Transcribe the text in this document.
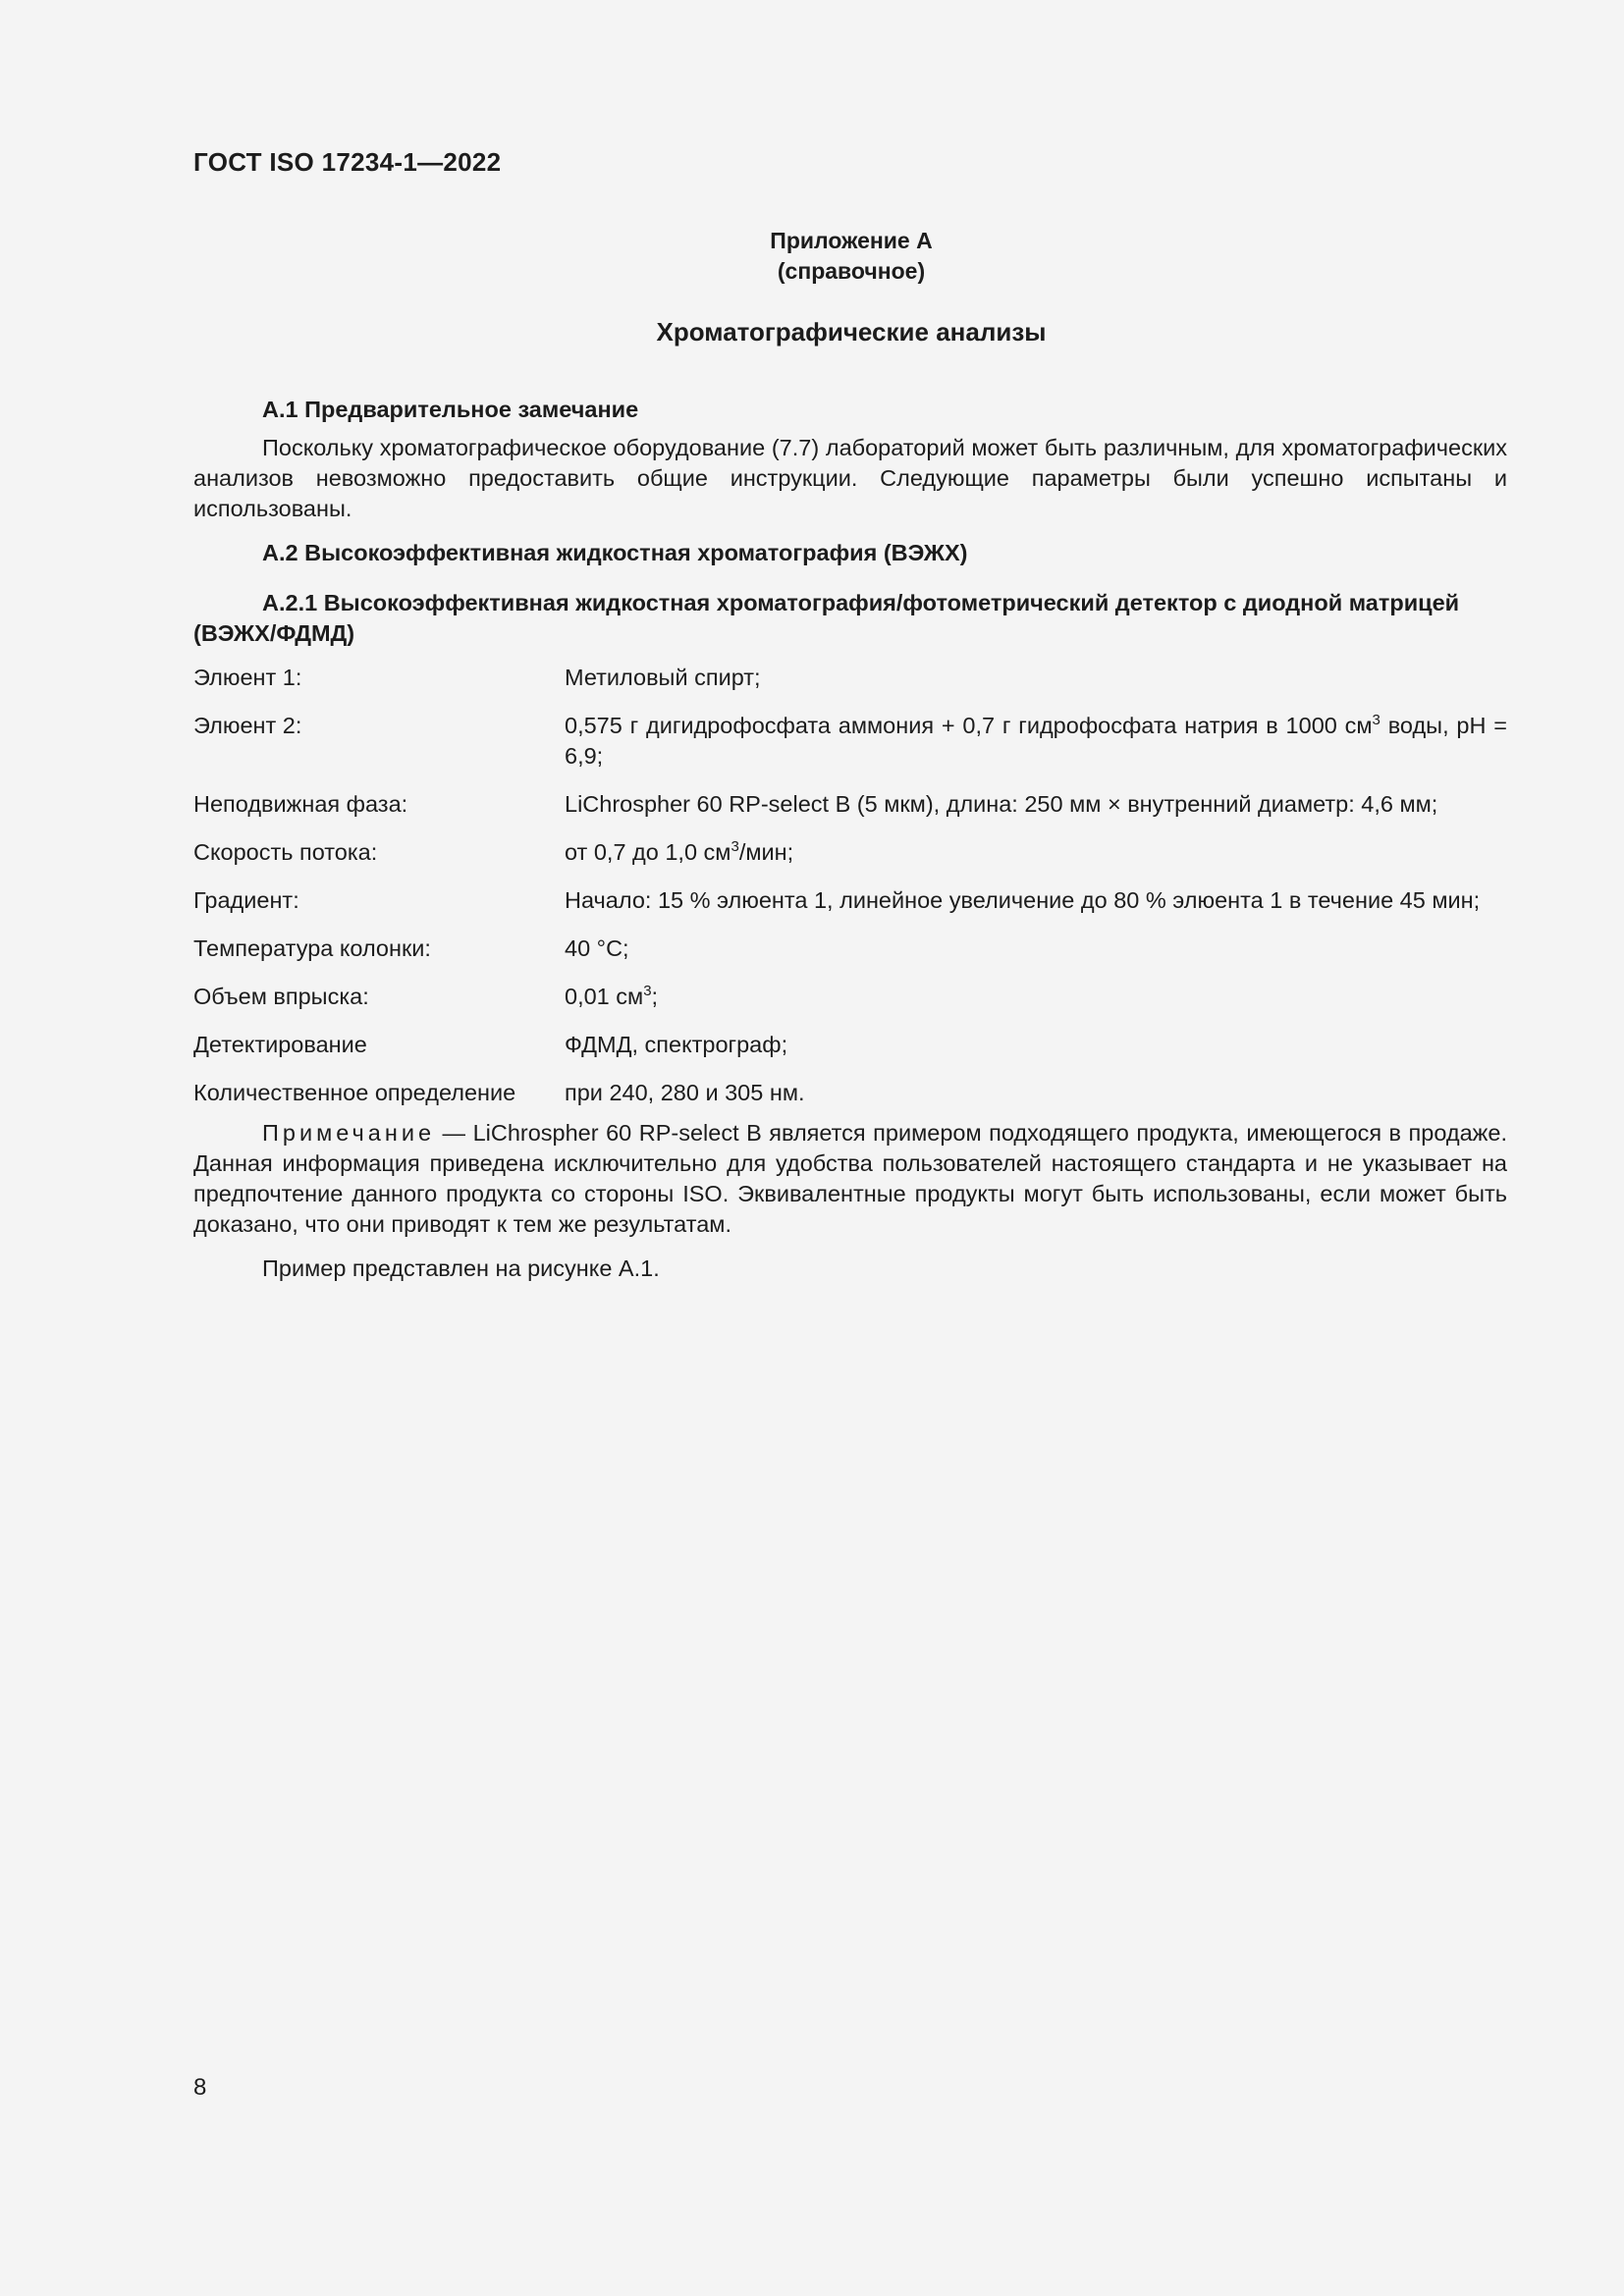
ГОСТ ISO 17234-1—2022
Приложение А
(справочное)
Хроматографические анализы

А.1 Предварительное замечание

Поскольку хроматографическое оборудование (7.7) лабораторий может быть различным, для хроматографических анализов невозможно предоставить общие инструкции. Следующие параметры были успешно испытаны и использованы.

А.2 Высокоэффективная жидкостная хроматография (ВЭЖХ)

А.2.1 Высокоэффективная жидкостная хроматография/фотометрический детектор с диодной матрицей (ВЭЖХ/ФДМД)

Элюент 1:	Метиловый спирт;
Элюент 2:	0,575 г дигидрофосфата аммония + 0,7 г гидрофосфата натрия в 1000 $см^3$ воды, pH = 6,9;
Неподвижная фаза:	LiChrospher 60 RP-select B (5 мкм), длина: 250 мм × внутренний диаметр: 4,6 мм;
Скорость потока:	от 0,7 до 1,0 $см^3$/мин;
Градиент:	Начало: 15 % элюента 1, линейное увеличение до 80 % элюента 1 в течение 45 мин;
Температура колонки:	40 °C;
Объем впрыска:	0,01 $см^3$;
Детектирование	ФДМД, спектрограф;
Количественное определение	при 240, 280 и 305 нм.

Примечание — LiChrospher 60 RP-select B является примером подходящего продукта, имеющегося в продаже. Данная информация приведена исключительно для удобства пользователей настоящего стандарта и не указывает на предпочтение данного продукта со стороны ISO. Эквивалентные продукты могут быть использованы, если может быть доказано, что они приводят к тем же результатам.

Пример представлен на рисунке А.1.

8
